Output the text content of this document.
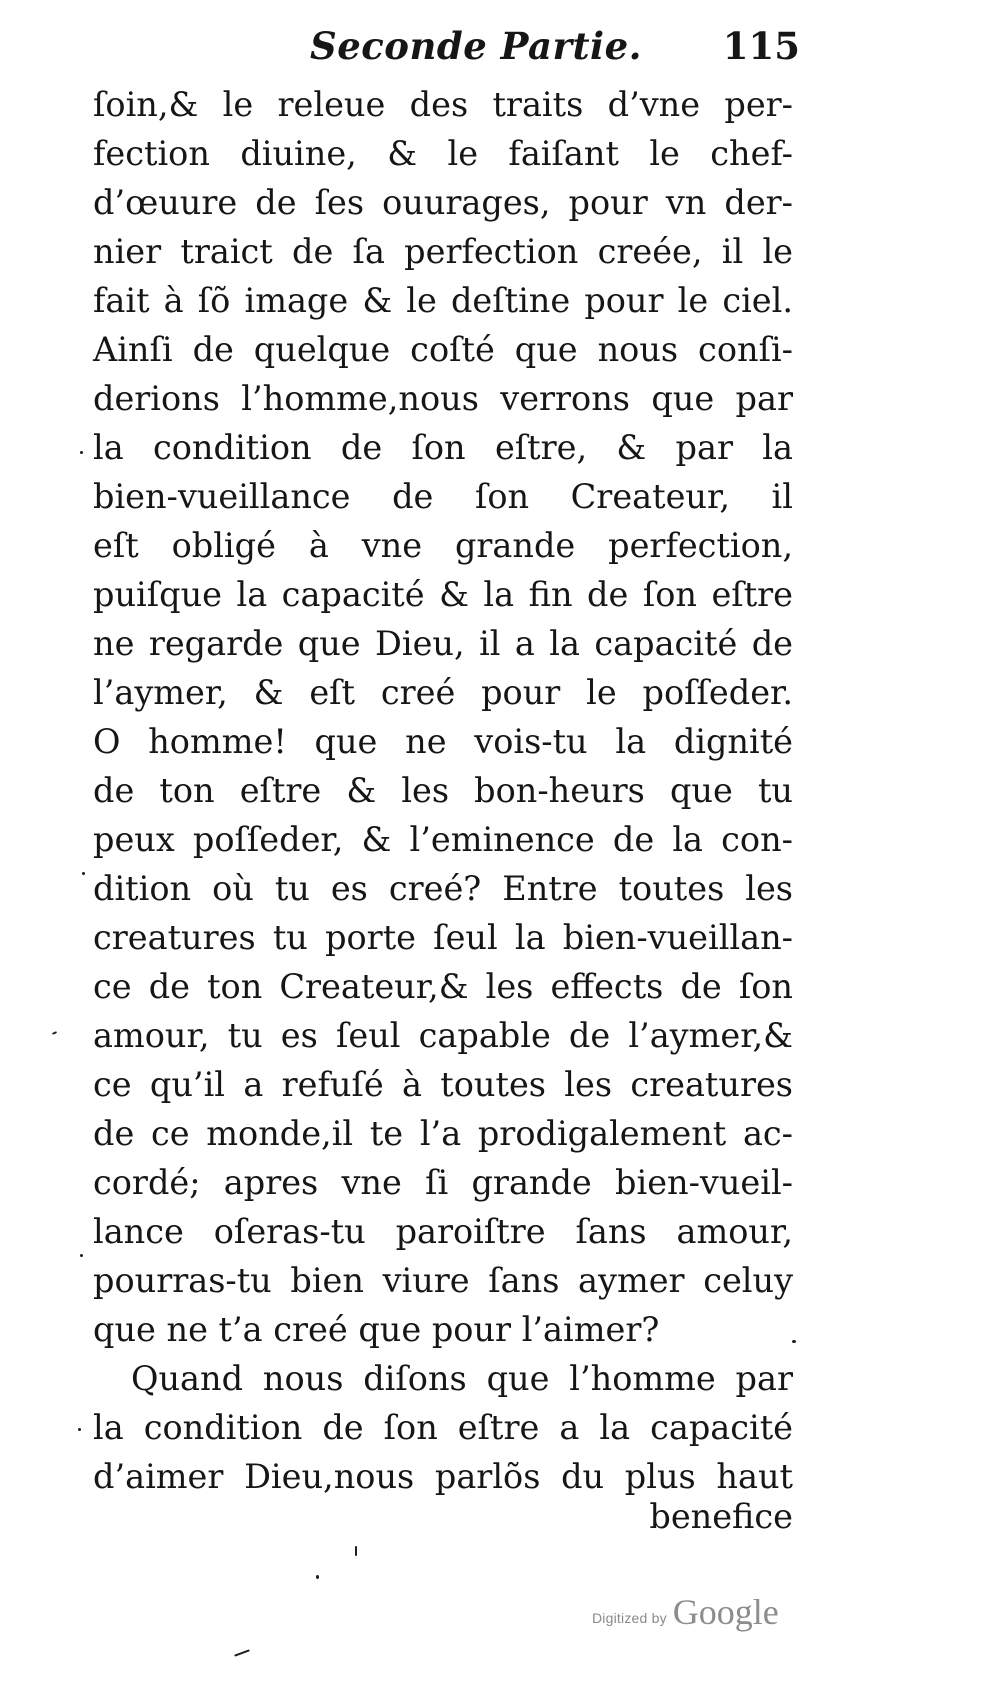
Seconde Partie. 115
ſoin,& le releue des traits d’vne per-
fection diuine, & le faiſant le chef-
d’œuure de ſes ouurages, pour vn der-
nier traict de ſa perfection creée, il le
fait à ſõ image & le deſtine pour le ciel.
Ainſi de quelque coſté que nous conſi-
derions l’homme,nous verrons que par
la condition de ſon eſtre, & par la
bien-vueillance de ſon Createur, il
eſt obligé à vne grande perfection,
puiſque la capacité & la fin de ſon eſtre
ne regarde que Dieu, il a la capacité de
l’aymer, & eſt creé pour le poſſeder.
O homme! que ne vois-tu la dignité
de ton eſtre & les bon-heurs que tu
peux poſſeder, & l’eminence de la con-
dition où tu es creé? Entre toutes les
creatures tu porte ſeul la bien-vueillan-
ce de ton Createur,& les effects de ſon
amour, tu es ſeul capable de l’aymer,&
ce qu’il a refuſé à toutes les creatures
de ce monde,il te l’a prodigalement ac-
cordé; apres vne ſi grande bien-vueil-
lance oſeras-tu paroiſtre ſans amour,
pourras-tu bien viure ſans aymer celuy
que ne t’a creé que pour l’aimer?
Quand nous diſons que l’homme par
la condition de ſon eſtre a la capacité
d’aimer Dieu,nous parlõs du plus haut
benefice
Digitized by Google
